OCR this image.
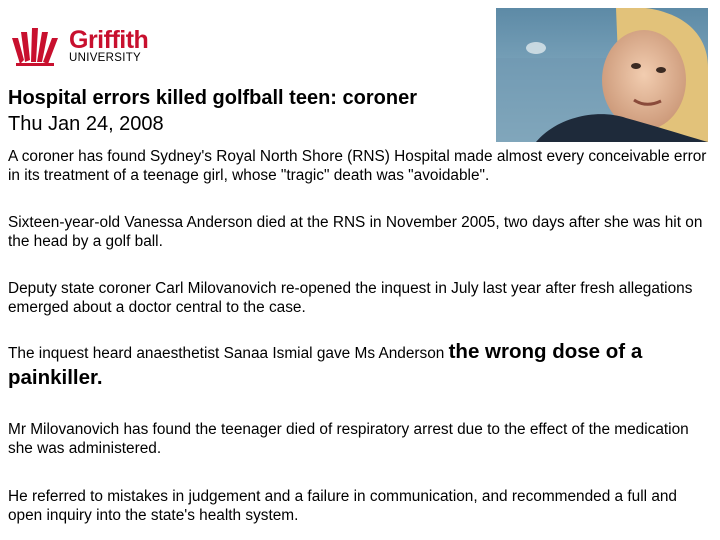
Griffith
UNIVERSITY
Hospital errors killed golfball teen: coroner
Thu Jan 24, 2008

A coroner has found Sydney's Royal North Shore (RNS) Hospital made almost every conceivable error in its treatment of a teenage girl, whose "tragic" death was "avoidable".

Sixteen-year-old Vanessa Anderson died at the RNS in November 2005, two days after she was hit on the head by a golf ball.

Deputy state coroner Carl Milovanovich re-opened the inquest in July last year after fresh allegations emerged about a doctor central to the case.

The inquest heard anaesthetist Sanaa Ismial gave Ms Anderson the wrong dose of a painkiller.

Mr Milovanovich has found the teenager died of respiratory arrest due to the effect of the medication she was administered.

He referred to mistakes in judgement and a failure in communication, and recommended a full and open inquiry into the state's health system.
